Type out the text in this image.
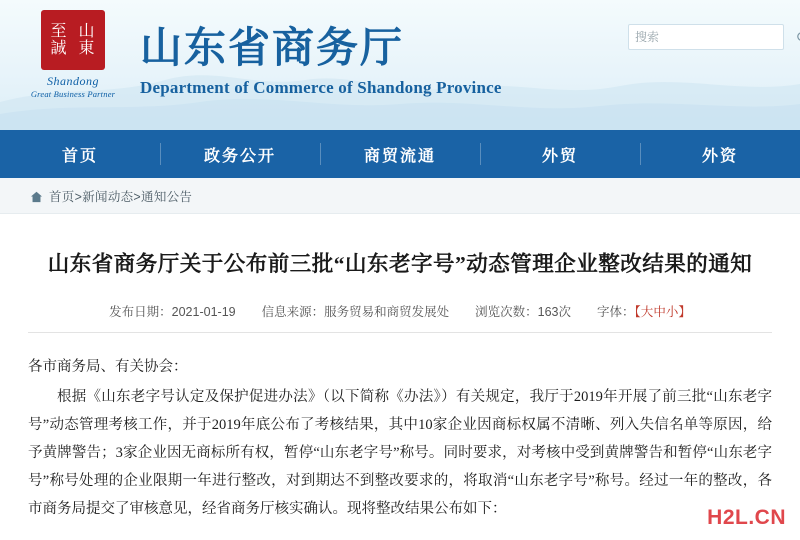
至 山
誠 東
Shandong
Great Business Partner
山东省商务厅
Department of Commerce of Shandong Province
搜索
首页	政务公开	商贸流通	外贸	外资
首页>新闻动态>通知公告
山东省商务厅关于公布前三批“山东老字号”动态管理企业整改结果的通知
发布日期：2021-01-19 信息来源：服务贸易和商贸发展处 浏览次数：163次 字体：【大中小】

各市商务局、有关协会：

根据《山东老字号认定及保护促进办法》（以下简称《办法》）有关规定，我厅于2019年开展了前三批“山东老字号”动态管理考核工作，并于2019年底公布了考核结果，其中10家企业因商标权属不清晰、列入失信名单等原因，给予黄牌警告；3家企业因无商标所有权，暂停“山东老字号”称号。同时要求，对考核中受到黄牌警告和暂停“山东老字号”称号处理的企业限期一年进行整改，对到期达不到整改要求的，将取消“山东老字号”称号。经过一年的整改，各市商务局提交了审核意见，经省商务厅核实确认。现将整改结果公布如下：	H2L.CN
